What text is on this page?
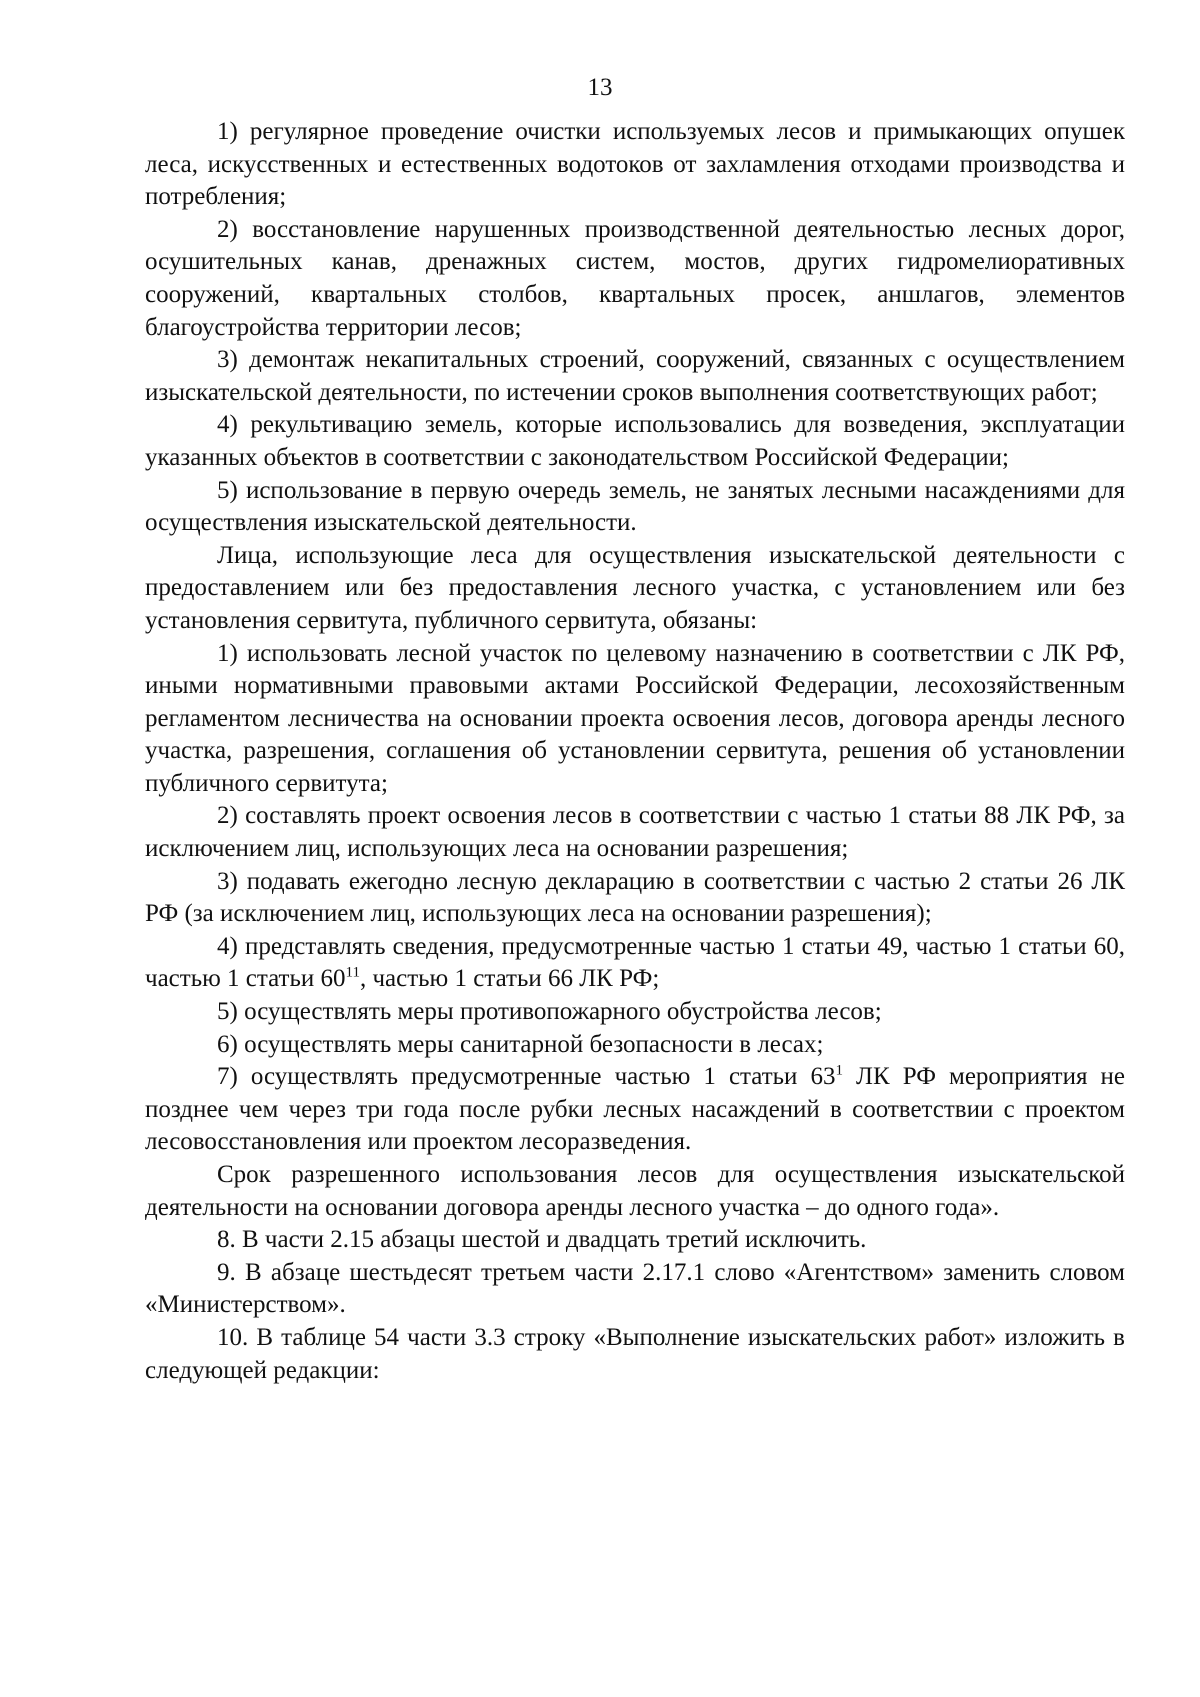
13

1) регулярное проведение очистки используемых лесов и примыкающих опушек леса, искусственных и естественных водотоков от захламления отходами производства и потребления;

2) восстановление нарушенных производственной деятельностью лесных дорог, осушительных канав, дренажных систем, мостов, других гидромелиоративных сооружений, квартальных столбов, квартальных просек, аншлагов, элементов благоустройства территории лесов;

3) демонтаж некапитальных строений, сооружений, связанных с осуществлением изыскательской деятельности, по истечении сроков выполнения соответствующих работ;

4) рекультивацию земель, которые использовались для возведения, эксплуатации указанных объектов в соответствии с законодательством Российской Федерации;

5) использование в первую очередь земель, не занятых лесными насаждениями для осуществления изыскательской деятельности.

Лица, использующие леса для осуществления изыскательской деятельности с предоставлением или без предоставления лесного участка, с установлением или без установления сервитута, публичного сервитута, обязаны:

1) использовать лесной участок по целевому назначению в соответствии с ЛК РФ, иными нормативными правовыми актами Российской Федерации, лесохозяйственным регламентом лесничества на основании проекта освоения лесов, договора аренды лесного участка, разрешения, соглашения об установлении сервитута, решения об установлении публичного сервитута;

2) составлять проект освоения лесов в соответствии с частью 1 статьи 88 ЛК РФ, за исключением лиц, использующих леса на основании разрешения;

3) подавать ежегодно лесную декларацию в соответствии с частью 2 статьи 26 ЛК РФ (за исключением лиц, использующих леса на основании разрешения);

4) представлять сведения, предусмотренные частью 1 статьи 49, частью 1 статьи 60, частью 1 статьи $60^{11}$, частью 1 статьи 66 ЛК РФ;

5) осуществлять меры противопожарного обустройства лесов;

6) осуществлять меры санитарной безопасности в лесах;

7) осуществлять предусмотренные частью 1 статьи $63^1$ ЛК РФ мероприятия не позднее чем через три года после рубки лесных насаждений в соответствии с проектом лесовосстановления или проектом лесоразведения.

Срок разрешенного использования лесов для осуществления изыскательской деятельности на основании договора аренды лесного участка – до одного года».

8. В части 2.15 абзацы шестой и двадцать третий исключить.

9. В абзаце шестьдесят третьем части 2.17.1 слово «Агентством» заменить словом «Министерством».

10. В таблице 54 части 3.3 строку «Выполнение изыскательских работ» изложить в следующей редакции:
